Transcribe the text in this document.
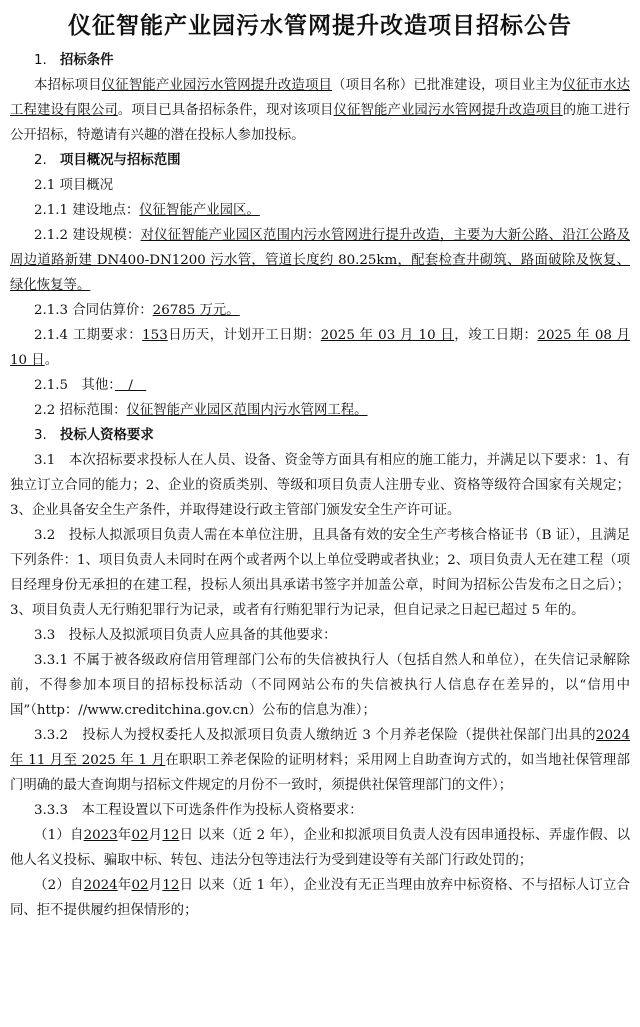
仪征智能产业园污水管网提升改造项目招标公告
1. 招标条件
本招标项目仪征智能产业园污水管网提升改造项目（项目名称）已批准建设，项目业主为仪征市水达工程建设有限公司。项目已具备招标条件，现对该项目仪征智能产业园污水管网提升改造项目的施工进行公开招标，特邀请有兴趣的潜在投标人参加投标。
2. 项目概况与招标范围
2.1 项目概况
2.1.1 建设地点：仪征智能产业园区。
2.1.2 建设规模：对仪征智能产业园区范围内污水管网进行提升改造，主要为大新公路、沿江公路及周边道路新建 DN400-DN1200 污水管，管道长度约 80.25km，配套检查井砌筑、路面破除及恢复、绿化恢复等。
2.1.3 合同估算价：26785 万元。
2.1.4 工期要求：153日历天，计划开工日期：2025 年 03 月 10 日，竣工日期：2025 年 08 月 10 日。
2.1.5　其他：　/　
2.2 招标范围：仪征智能产业园区范围内污水管网工程。
3. 投标人资格要求
3.1　本次招标要求投标人在人员、设备、资金等方面具有相应的施工能力，并满足以下要求：1、有独立订立合同的能力；2、企业的资质类别、等级和项目负责人注册专业、资格等级符合国家有关规定；3、企业具备安全生产条件，并取得建设行政主管部门颁发安全生产许可证。
3.2　投标人拟派项目负责人需在本单位注册，且具备有效的安全生产考核合格证书（B 证），且满足下列条件：1、项目负责人未同时在两个或者两个以上单位受聘或者执业；2、项目负责人无在建工程（项目经理身份无承担的在建工程，投标人须出具承诺书签字并加盖公章，时间为招标公告发布之日之后）；3、项目负责人无行贿犯罪行为记录，或者有行贿犯罪行为记录，但自记录之日起已超过 5 年的。
3.3　投标人及拟派项目负责人应具备的其他要求：
3.3.1 不属于被各级政府信用管理部门公布的失信被执行人（包括自然人和单位），在失信记录解除前，不得参加本项目的招标投标活动（不同网站公布的失信被执行人信息存在差异的，以“信用中国”（http：//www.creditchina.gov.cn）公布的信息为准）；
3.3.2　投标人为授权委托人及拟派项目负责人缴纳近 3 个月养老保险（提供社保部门出具的2024 年 11 月至 2025 年 1 月在职职工养老保险的证明材料；采用网上自助查询方式的，如当地社保管理部门明确的最大查询期与招标文件规定的月份不一致时，须提供社保管理部门的文件）；
3.3.3　本工程设置以下可选条件作为投标人资格要求：
（1）自2023年02月12日 以来（近 2 年），企业和拟派项目负责人没有因串通投标、弄虚作假、以他人名义投标、骗取中标、转包、违法分包等违法行为受到建设等有关部门行政处罚的；
（2）自2024年02月12日 以来（近 1 年），企业没有无正当理由放弃中标资格、不与招标人订立合同、拒不提供履约担保情形的；
